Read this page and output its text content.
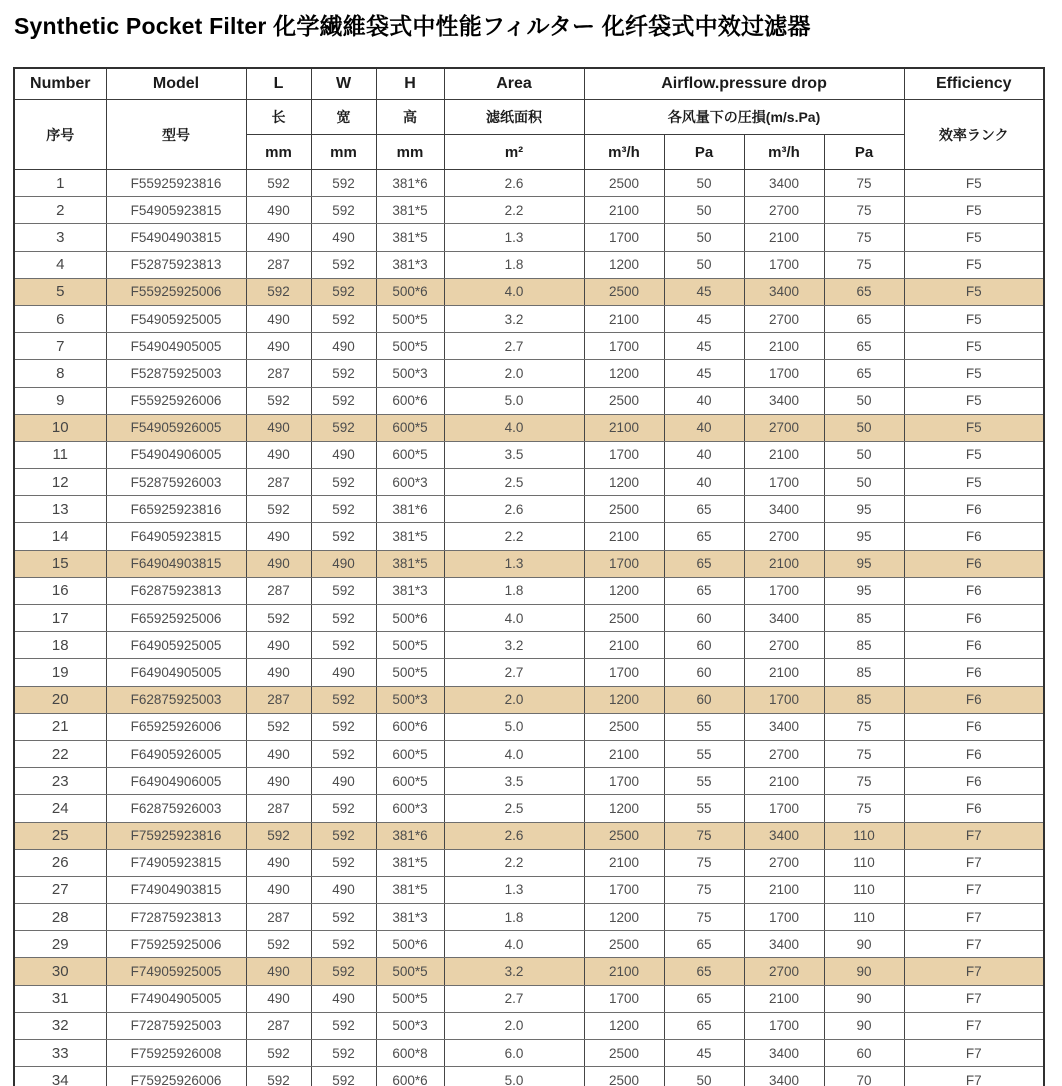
Synthetic Pocket Filter 化学繊維袋式中性能フィルター 化纤袋式中效过滤器
Number	Model	L	W	H	Area	Airflow.pressure drop				Efficiency
序号	型号	长	宽	高	滤纸面积	各风量下の圧損(m/s.Pa)				效率ランク
		mm	mm	mm	m²	m³/h	Pa	m³/h	Pa	
1	F55925923816	592	592	381*6	2.6	2500	50	3400	75	F5
2	F54905923815	490	592	381*5	2.2	2100	50	2700	75	F5
3	F54904903815	490	490	381*5	1.3	1700	50	2100	75	F5
4	F52875923813	287	592	381*3	1.8	1200	50	1700	75	F5
5	F55925925006	592	592	500*6	4.0	2500	45	3400	65	F5
6	F54905925005	490	592	500*5	3.2	2100	45	2700	65	F5
7	F54904905005	490	490	500*5	2.7	1700	45	2100	65	F5
8	F52875925003	287	592	500*3	2.0	1200	45	1700	65	F5
9	F55925926006	592	592	600*6	5.0	2500	40	3400	50	F5
10	F54905926005	490	592	600*5	4.0	2100	40	2700	50	F5
11	F54904906005	490	490	600*5	3.5	1700	40	2100	50	F5
12	F52875926003	287	592	600*3	2.5	1200	40	1700	50	F5
13	F65925923816	592	592	381*6	2.6	2500	65	3400	95	F6
14	F64905923815	490	592	381*5	2.2	2100	65	2700	95	F6
15	F64904903815	490	490	381*5	1.3	1700	65	2100	95	F6
16	F62875923813	287	592	381*3	1.8	1200	65	1700	95	F6
17	F65925925006	592	592	500*6	4.0	2500	60	3400	85	F6
18	F64905925005	490	592	500*5	3.2	2100	60	2700	85	F6
19	F64904905005	490	490	500*5	2.7	1700	60	2100	85	F6
20	F62875925003	287	592	500*3	2.0	1200	60	1700	85	F6
21	F65925926006	592	592	600*6	5.0	2500	55	3400	75	F6
22	F64905926005	490	592	600*5	4.0	2100	55	2700	75	F6
23	F64904906005	490	490	600*5	3.5	1700	55	2100	75	F6
24	F62875926003	287	592	600*3	2.5	1200	55	1700	75	F6
25	F75925923816	592	592	381*6	2.6	2500	75	3400	110	F7
26	F74905923815	490	592	381*5	2.2	2100	75	2700	110	F7
27	F74904903815	490	490	381*5	1.3	1700	75	2100	110	F7
28	F72875923813	287	592	381*3	1.8	1200	75	1700	110	F7
29	F75925925006	592	592	500*6	4.0	2500	65	3400	90	F7
30	F74905925005	490	592	500*5	3.2	2100	65	2700	90	F7
31	F74904905005	490	490	500*5	2.7	1700	65	2100	90	F7
32	F72875925003	287	592	500*3	2.0	1200	65	1700	90	F7
33	F75925926008	592	592	600*8	6.0	2500	45	3400	60	F7
34	F75925926006	592	592	600*6	5.0	2500	50	3400	70	F7
